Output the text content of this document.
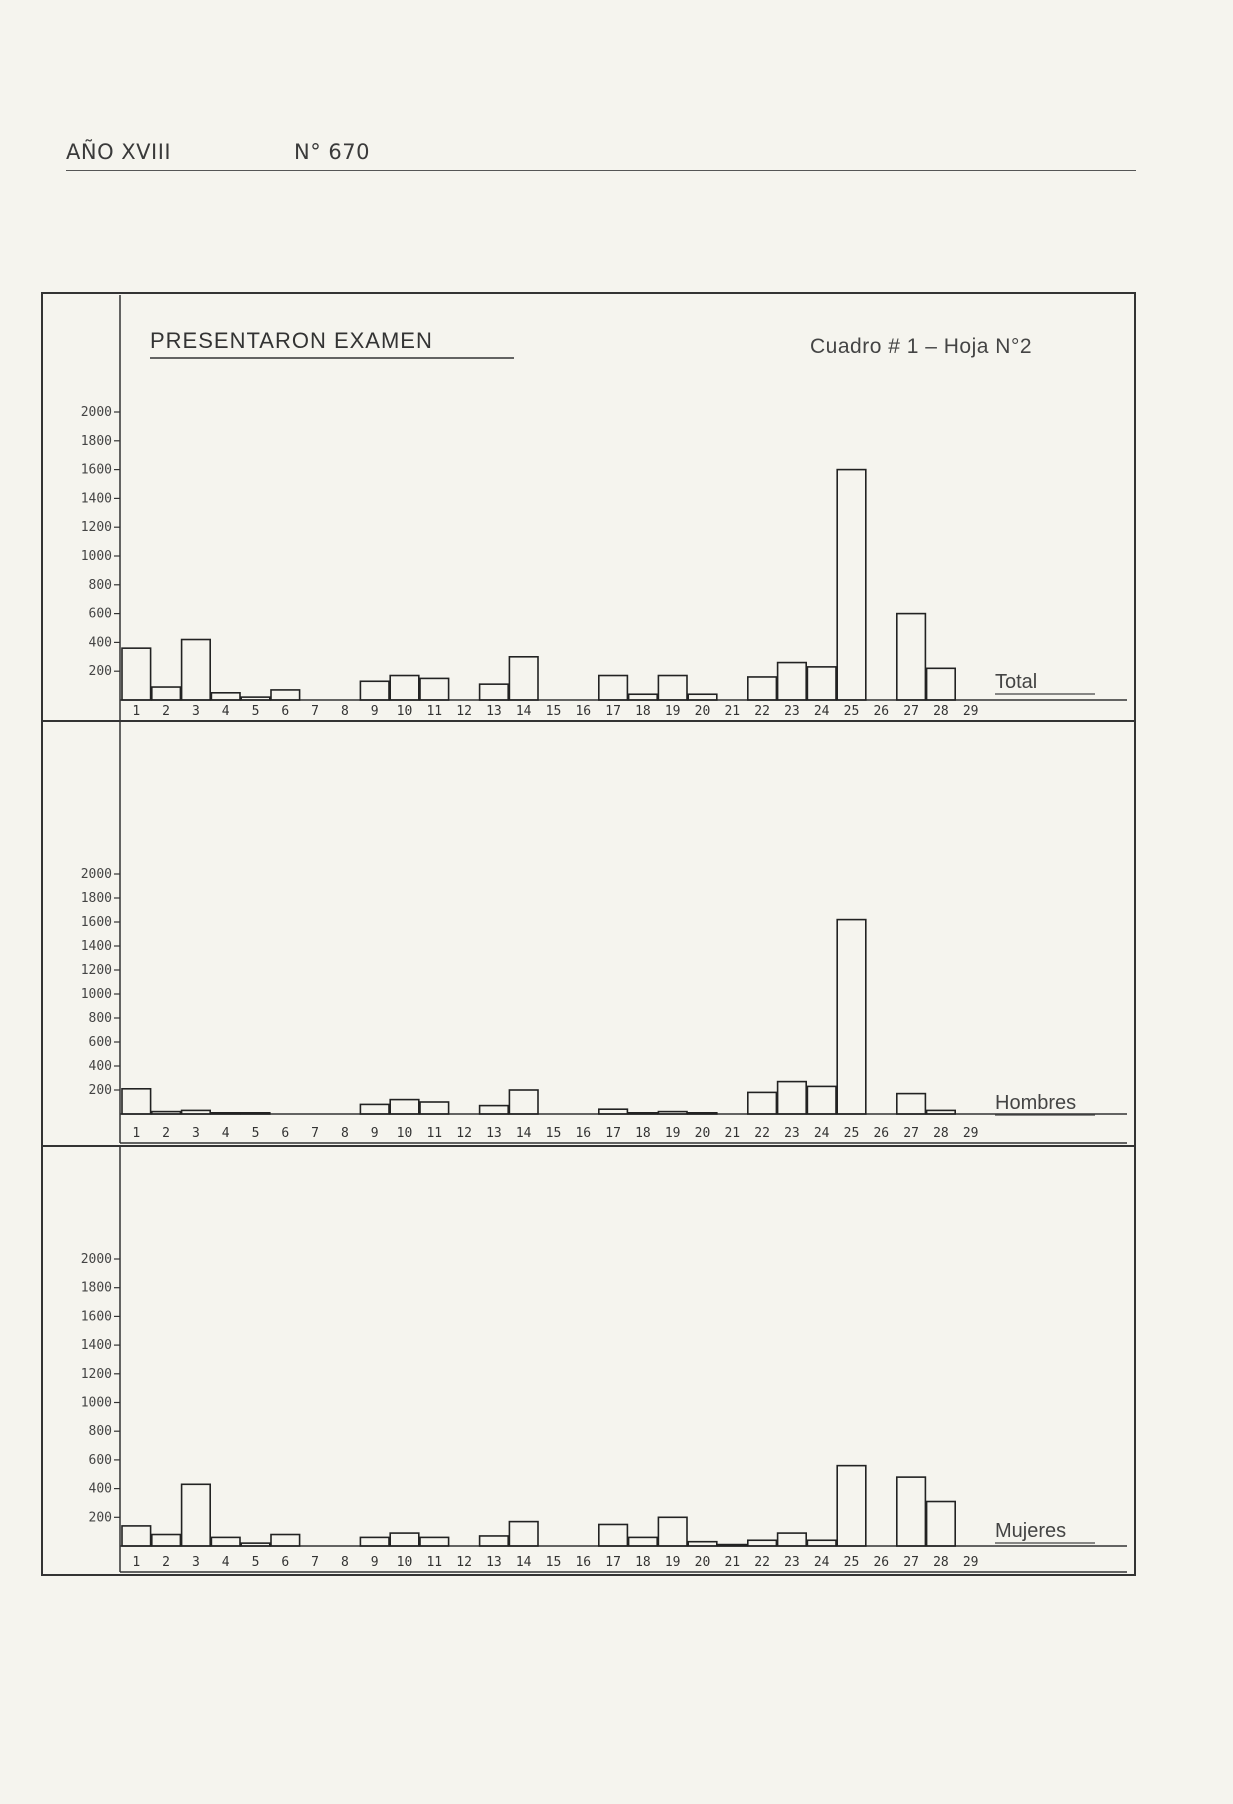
AÑO XVIII	N° 670
PRESENTARON EXAMEN	Cuadro # 1 – Hoja N°2
2000
1800
1600
1400
1200
1000
800
600
400
200
1 2 3 4 5 6 7 8 9 10 11 12 13 14 15 16 17 18 19 20 21 22 23 24 25 26 27 28 29
Total
2000
1800
1600
1400
1200
1000
800
600
400
200
1 2 3 4 5 6 7 8 9 10 11 12 13 14 15 16 17 18 19 20 21 22 23 24 25 26 27 28 29
Hombres
2000
1800
1600
1400
1200
1000
800
600
400
200
1 2 3 4 5 6 7 8 9 10 11 12 13 14 15 16 17 18 19 20 21 22 23 24 25 26 27 28 29
Mujeres
